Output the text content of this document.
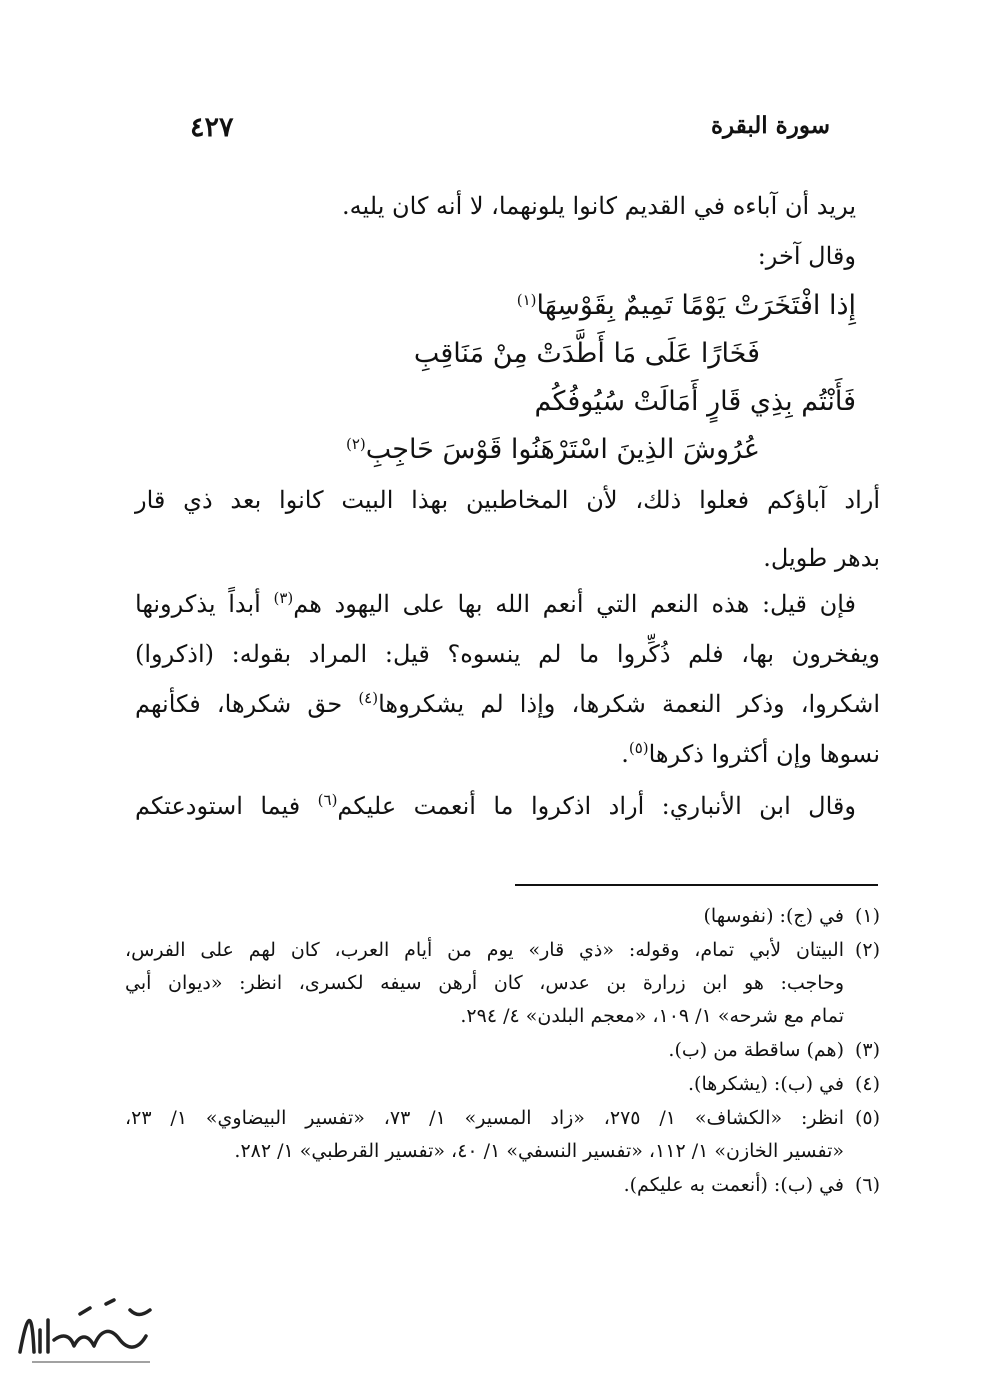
سورة البقرة
٤٢٧
يريد أن آباءه في القديم كانوا يلونهما، لا أنه كان يليه.
وقال آخر:
إِذا افْتَخَرَتْ يَوْمًا تَمِيمٌ بِقَوْسِهَا$^{(١)}$
فَخَارًا عَلَى مَا أَطَّدَتْ مِنْ مَنَاقِبِ
فَأَنْتُم بِذِي قَارٍ أَمَالَتْ سُيُوفُكُم
عُرُوشَ الذِينَ اسْتَرْهَنُوا قَوْسَ حَاجِبِ$^{(٢)}$
أراد آباؤكم فعلوا ذلك، لأن المخاطبين بهذا البيت كانوا بعد ذي قار
بدهر طويل.
فإن قيل: هذه النعم التي أنعم الله بها على اليهود هم$^{(٣)}$ أبداً يذكرونها
ويفخرون بها، فلم ذُكِّروا ما لم ينسوه؟ قيل: المراد بقوله: (اذكروا)
اشكروا، وذكر النعمة شكرها، وإذا لم يشكروها$^{(٤)}$ حق شكرها، فكأنهم
نسوها وإن أكثروا ذكرها$^{(٥)}$.
وقال ابن الأنباري: أراد اذكروا ما أنعمت عليكم$^{(٦)}$ فيما استودعتكم
(١)
في (ج): (نفوسها)
(٢)
البيتان لأبي تمام، وقوله: «ذي قار» يوم من أيام العرب، كان لهم على الفرس،
وحاجب: هو ابن زرارة بن عدس، كان أرهن سيفه لكسرى، انظر: «ديوان أبي
تمام مع شرحه» ١/ ١٠٩، «معجم البلدن» ٤/ ٢٩٤.
(٣)
(هم) ساقطة من (ب).
(٤)
في (ب): (يشكرها).
(٥)
انظر: «الكشاف» ١/ ٢٧٥، «زاد المسير» ١/ ٧٣، «تفسير البيضاوي» ١/ ٢٣،
«تفسير الخازن» ١/ ١١٢، «تفسير النسفي» ١/ ٤٠، «تفسير القرطبي» ١/ ٢٨٢.
(٦)
في (ب): (أنعمت به عليكم).
